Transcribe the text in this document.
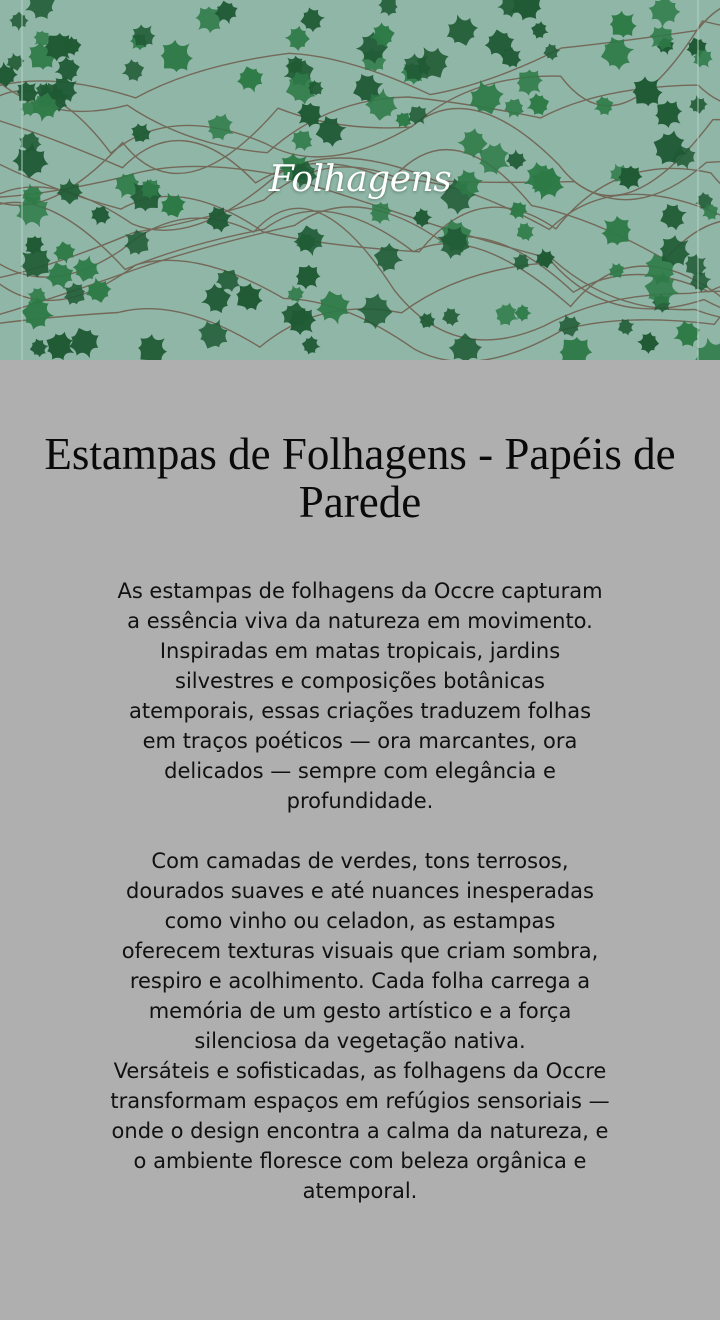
Folhagens
Estampas de Folhagens - Papéis de Parede

As estampas de folhagens da Occre capturam
a essência viva da natureza em movimento.
Inspiradas em matas tropicais, jardins
silvestres e composições botânicas
atemporais, essas criações traduzem folhas
em traços poéticos — ora marcantes, ora
delicados — sempre com elegância e
profundidade.

Com camadas de verdes, tons terrosos,
dourados suaves e até nuances inesperadas
como vinho ou celadon, as estampas
oferecem texturas visuais que criam sombra,
respiro e acolhimento. Cada folha carrega a
memória de um gesto artístico e a força
silenciosa da vegetação nativa.

Versáteis e sofisticadas, as folhagens da Occre
transformam espaços em refúgios sensoriais —
onde o design encontra a calma da natureza, e
o ambiente floresce com beleza orgânica e
atemporal.
